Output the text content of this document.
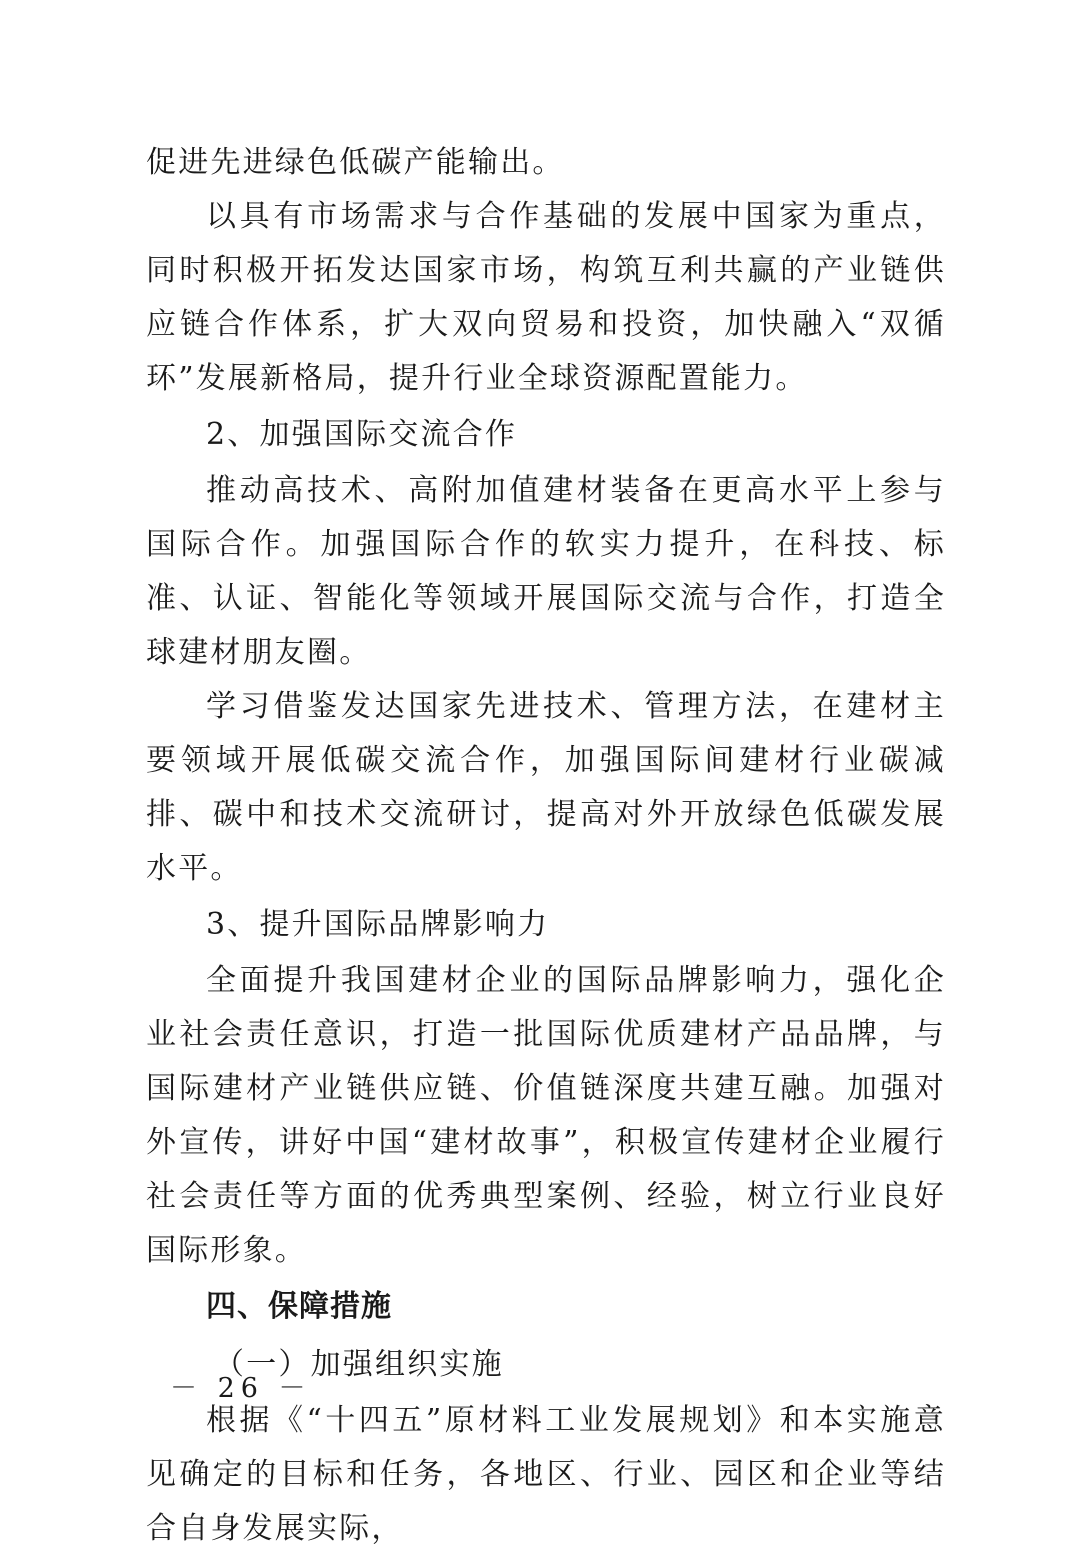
促进先进绿色低碳产能输出。

以具有市场需求与合作基础的发展中国家为重点，同时积极开拓发达国家市场，构筑互利共赢的产业链供应链合作体系，扩大双向贸易和投资，加快融入“双循环”发展新格局，提升行业全球资源配置能力。

2、加强国际交流合作

推动高技术、高附加值建材装备在更高水平上参与国际合作。加强国际合作的软实力提升，在科技、标准、认证、智能化等领域开展国际交流与合作，打造全球建材朋友圈。

学习借鉴发达国家先进技术、管理方法，在建材主要领域开展低碳交流合作，加强国际间建材行业碳减排、碳中和技术交流研讨，提高对外开放绿色低碳发展水平。

3、提升国际品牌影响力

全面提升我国建材企业的国际品牌影响力，强化企业社会责任意识，打造一批国际优质建材产品品牌，与国际建材产业链供应链、价值链深度共建互融。加强对外宣传，讲好中国“建材故事”，积极宣传建材企业履行社会责任等方面的优秀典型案例、经验，树立行业良好国际形象。

四、保障措施

（一）加强组织实施

根据《“十四五”原材料工业发展规划》和本实施意见确定的目标和任务，各地区、行业、园区和企业等结合自身发展实际，

－ 26 －
